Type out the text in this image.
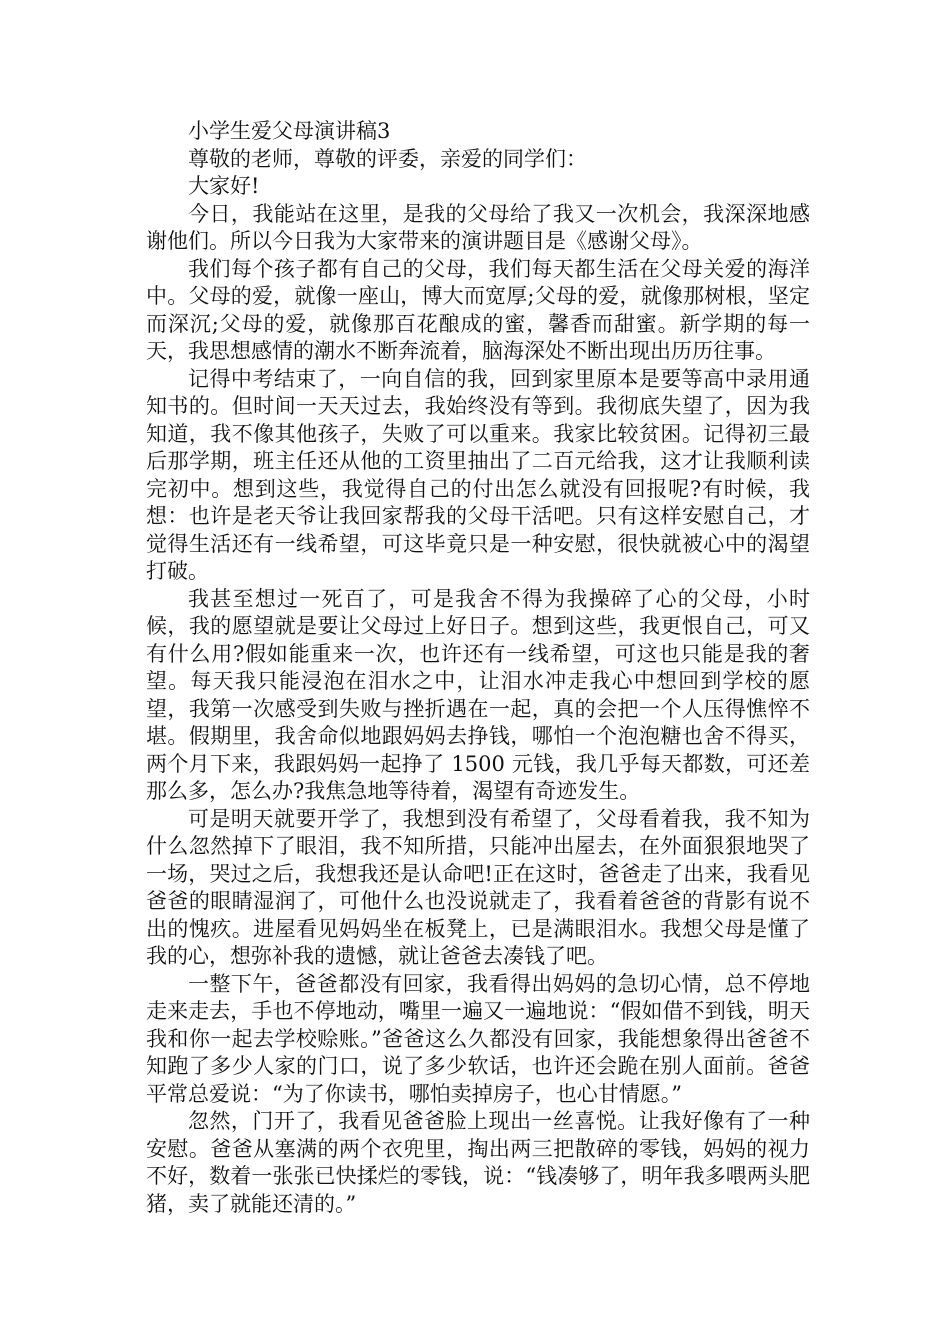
小学生爱父母演讲稿3

尊敬的老师，尊敬的评委，亲爱的同学们：

大家好!

今日，我能站在这里，是我的父母给了我又一次机会，我深深地感谢他们。所以今日我为大家带来的演讲题目是《感谢父母》。

我们每个孩子都有自己的父母，我们每天都生活在父母关爱的海洋中。父母的爱，就像一座山，博大而宽厚;父母的爱，就像那树根，坚定而深沉;父母的爱，就像那百花酿成的蜜，馨香而甜蜜。新学期的每一天，我思想感情的潮水不断奔流着，脑海深处不断出现出历历往事。

记得中考结束了，一向自信的我，回到家里原本是要等高中录用通知书的。但时间一天天过去，我始终没有等到。我彻底失望了，因为我知道，我不像其他孩子，失败了可以重来。我家比较贫困。记得初三最后那学期，班主任还从他的工资里抽出了二百元给我，这才让我顺利读完初中。想到这些，我觉得自己的付出怎么就没有回报呢?有时候，我想：也许是老天爷让我回家帮我的父母干活吧。只有这样安慰自己，才觉得生活还有一线希望，可这毕竟只是一种安慰，很快就被心中的渴望打破。

我甚至想过一死百了，可是我舍不得为我操碎了心的父母，小时候，我的愿望就是要让父母过上好日子。想到这些，我更恨自己，可又有什么用?假如能重来一次，也许还有一线希望，可这也只能是我的奢望。每天我只能浸泡在泪水之中，让泪水冲走我心中想回到学校的愿望，我第一次感受到失败与挫折遇在一起，真的会把一个人压得憔悴不堪。假期里，我舍命似地跟妈妈去挣钱，哪怕一个泡泡糖也舍不得买，两个月下来，我跟妈妈一起挣了 1500 元钱，我几乎每天都数，可还差那么多，怎么办?我焦急地等待着，渴望有奇迹发生。

可是明天就要开学了，我想到没有希望了，父母看着我，我不知为什么忽然掉下了眼泪，我不知所措，只能冲出屋去，在外面狠狠地哭了一场，哭过之后，我想我还是认命吧!正在这时，爸爸走了出来，我看见爸爸的眼睛湿润了，可他什么也没说就走了，我看着爸爸的背影有说不出的愧疚。进屋看见妈妈坐在板凳上，已是满眼泪水。我想父母是懂了我的心，想弥补我的遗憾，就让爸爸去凑钱了吧。

一整下午，爸爸都没有回家，我看得出妈妈的急切心情，总不停地走来走去，手也不停地动，嘴里一遍又一遍地说：“假如借不到钱，明天我和你一起去学校赊账。”爸爸这么久都没有回家，我能想象得出爸爸不知跑了多少人家的门口，说了多少软话，也许还会跪在别人面前。爸爸平常总爱说：“为了你读书，哪怕卖掉房子，也心甘情愿。”

忽然，门开了，我看见爸爸脸上现出一丝喜悦。让我好像有了一种安慰。爸爸从塞满的两个衣兜里，掏出两三把散碎的零钱，妈妈的视力不好，数着一张张已快揉烂的零钱，说：“钱凑够了，明年我多喂两头肥猪，卖了就能还清的。”
